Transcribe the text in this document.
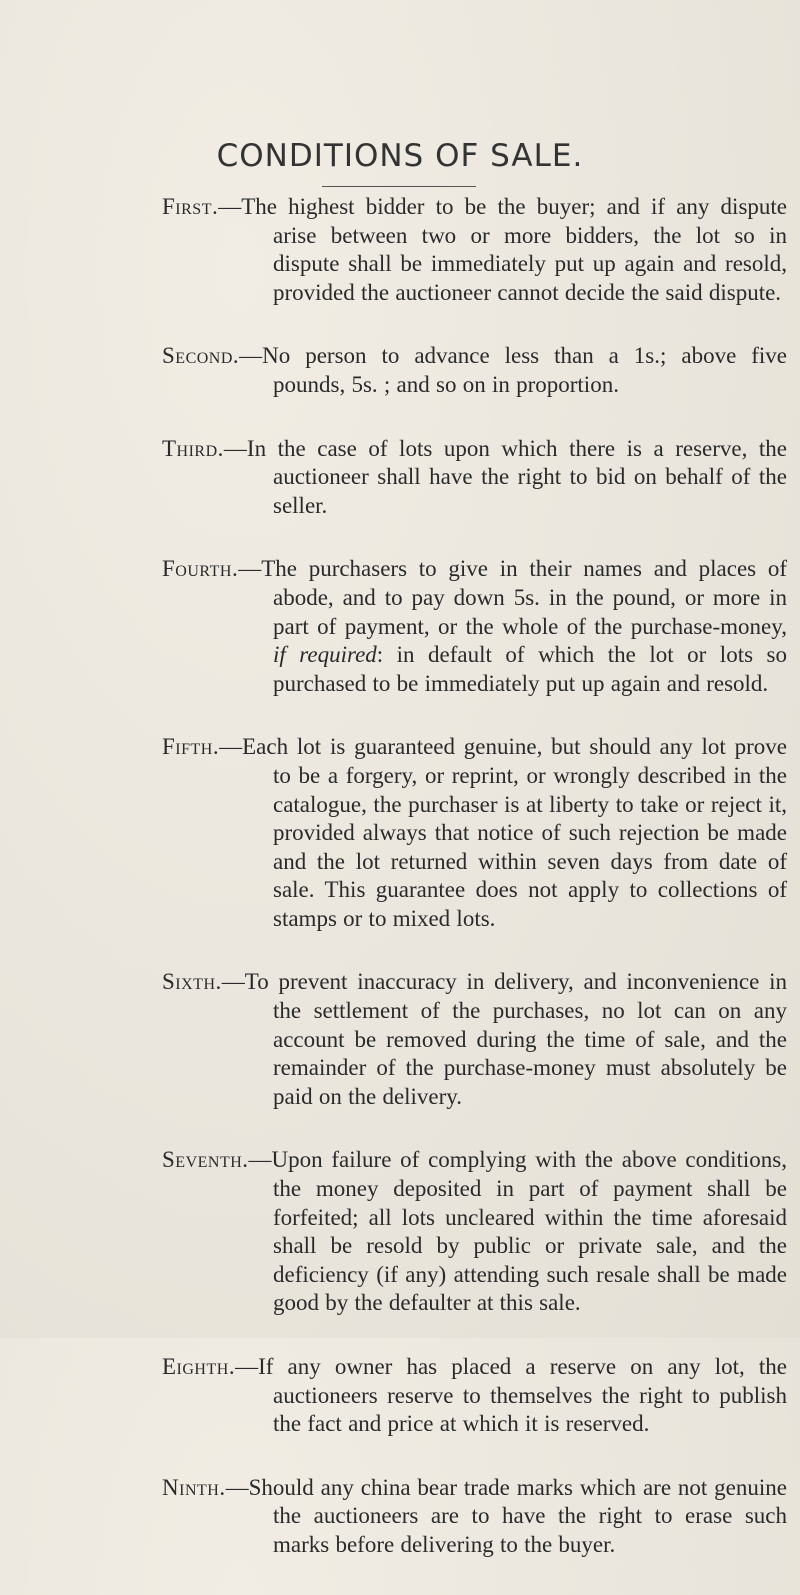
CONDITIONS OF SALE.

First.—The highest bidder to be the buyer; and if any dispute arise between two or more bidders, the lot so in dispute shall be immediately put up again and resold, provided the auctioneer cannot decide the said dispute.

Second.—No person to advance less than a 1s.; above five pounds, 5s. ; and so on in proportion.

Third.—In the case of lots upon which there is a reserve, the auctioneer shall have the right to bid on behalf of the seller.

Fourth.—The purchasers to give in their names and places of abode, and to pay down 5s. in the pound, or more in part of payment, or the whole of the purchase-money, if required: in default of which the lot or lots so purchased to be immediately put up again and resold.

Fifth.—Each lot is guaranteed genuine, but should any lot prove to be a forgery, or reprint, or wrongly described in the catalogue, the purchaser is at liberty to take or reject it, provided always that notice of such rejection be made and the lot returned within seven days from date of sale. This guarantee does not apply to collections of stamps or to mixed lots.

Sixth.—To prevent inaccuracy in delivery, and inconvenience in the settlement of the purchases, no lot can on any account be removed during the time of sale, and the remainder of the purchase-money must absolutely be paid on the delivery.

Seventh.—Upon failure of complying with the above conditions, the money deposited in part of payment shall be forfeited; all lots uncleared within the time aforesaid shall be resold by public or private sale, and the deficiency (if any) attending such resale shall be made good by the defaulter at this sale.

Eighth.—If any owner has placed a reserve on any lot, the auctioneers reserve to themselves the right to publish the fact and price at which it is reserved.

Ninth.—Should any china bear trade marks which are not genuine the auctioneers are to have the right to erase such marks before delivering to the buyer.
